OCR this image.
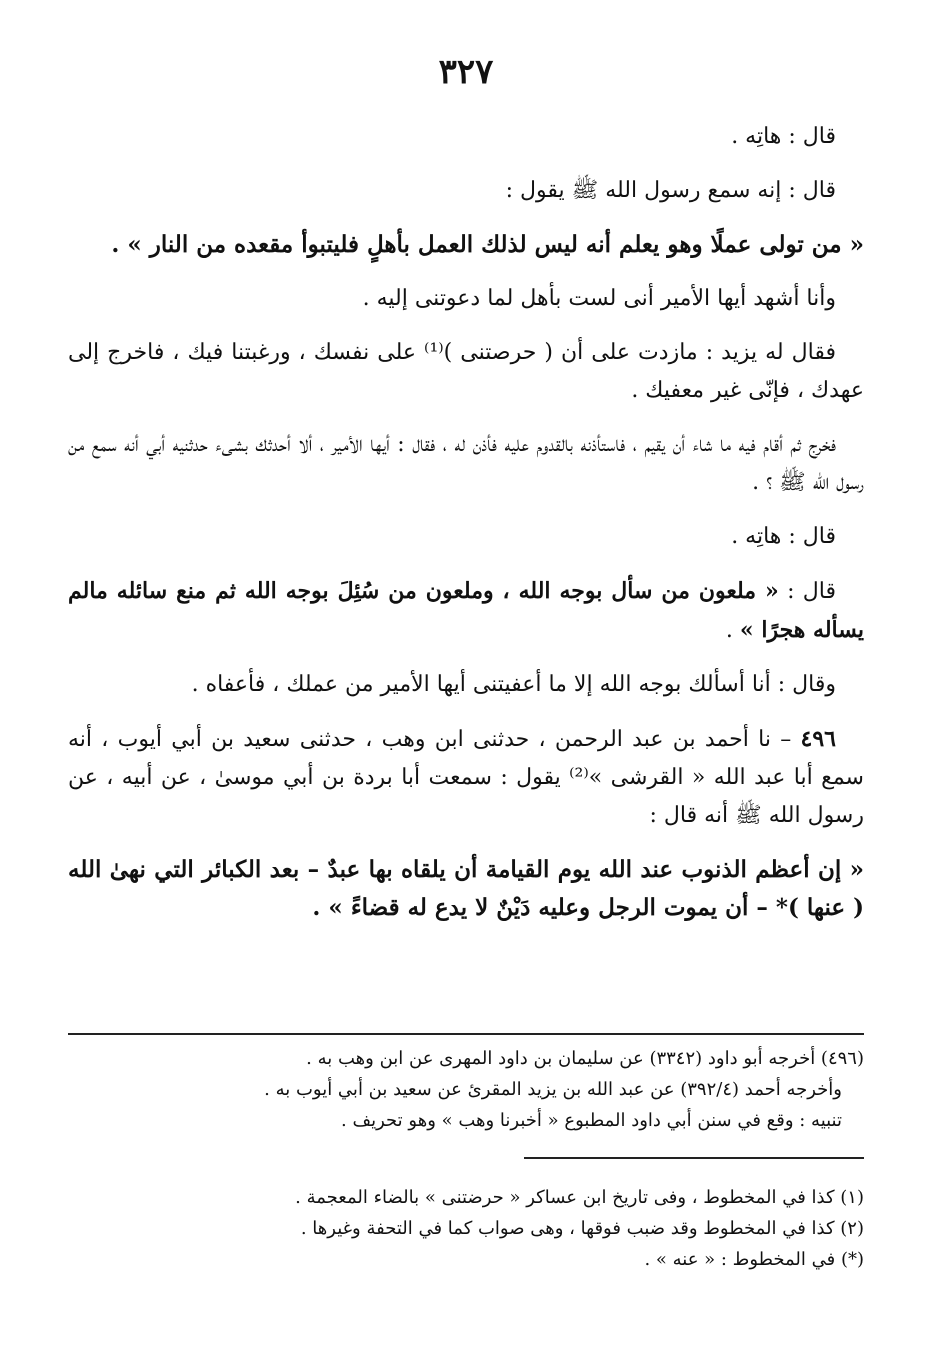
٣٢٧

قال : هاتِه .

قال : إنه سمع رسول الله ﷺ يقول :

« من تولى عملًا وهو يعلم أنه ليس لذلك العمل بأهلٍ فليتبوأ مقعده من النار » .

وأنا أشهد أيها الأمير أنى لست بأهل لما دعوتنى إليه .

فقال له يزيد : مازدت على أن ( حرصتنى )⁽¹⁾ على نفسك ، ورغبتنا فيك ، فاخرج إلى عهدك ، فإنّى غير معفيك .

فخرج ثم أقام فيه ما شاء أن يقيم ، فاستأذنه بالقدوم عليه فأذن له ، فقال : أيها الأمير ، ألا أحدثك بشىء حدثنيه أبي أنه سمع من رسول الله ﷺ ؟ .

قال : هاتِه .

قال : « ملعون من سأل بوجه الله ، وملعون من سُئِلَ بوجه الله ثم منع سائله مالم يسأله هجرًا » .

وقال : أنا أسألك بوجه الله إلا ما أعفيتنى أيها الأمير من عملك ، فأعفاه .

٤٩٦ – نا أحمد بن عبد الرحمن ، حدثنى ابن وهب ، حدثنى سعيد بن أبي أيوب ، أنه سمع أبا عبد الله « القرشى »⁽²⁾ يقول : سمعت أبا بردة بن أبي موسىٰ ، عن أبيه ، عن رسول الله ﷺ أنه قال :

« إن أعظم الذنوب عند الله يوم القيامة أن يلقاه بها عبدٌ – بعد الكبائر التي نهىٰ الله ( عنها )* – أن يموت الرجل وعليه دَيْنٌ لا يدع له قضاءً » .

(٤٩٦) أخرجه أبو داود (٣٣٤٢) عن سليمان بن داود المهرى عن ابن وهب به .

وأخرجه أحمد (٣٩٢/٤) عن عبد الله بن يزيد المقرئ عن سعيد بن أبي أيوب به .

تنبيه : وقع في سنن أبي داود المطبوع « أخبرنا وهب » وهو تحريف .

(١) كذا في المخطوط ، وفى تاريخ ابن عساكر « حرضتنى » بالضاء المعجمة .

(٢) كذا في المخطوط وقد ضبب فوقها ، وهى صواب كما في التحفة وغيرها .

(*) في المخطوط : « عنه » .
